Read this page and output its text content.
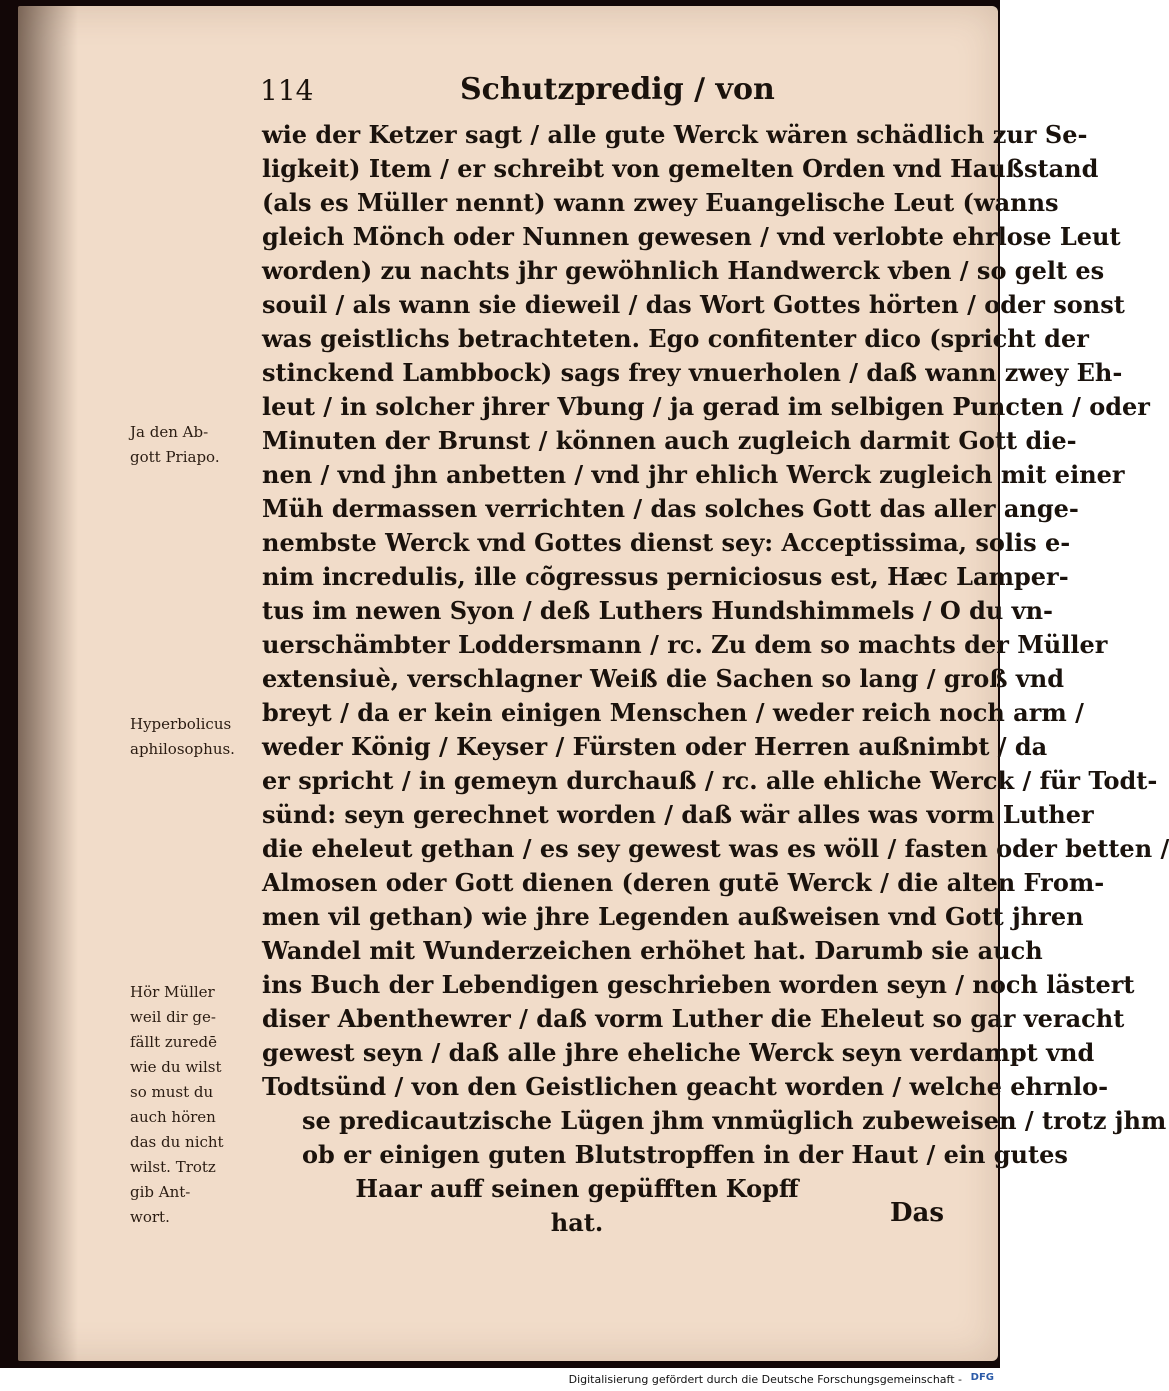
114	Schutzpredig / von
wie der Ketzer sagt / alle gute Werck wären schädlich zur Se-
ligkeit) Item / er schreibt von gemelten Orden vnd Haußstand
(als es Müller nennt) wann zwey Euangelische Leut (wanns
gleich Mönch oder Nunnen gewesen / vnd verlobte ehrlose Leut
worden) zu nachts jhr gewöhnlich Handwerck vben / so gelt es
souil / als wann sie dieweil / das Wort Gottes hörten / oder sonst
was geistlichs betrachteten. Ego confitenter dico (spricht der
stinckend Lambbock) sags frey vnuerholen / daß wann zwey Eh-
leut / in solcher jhrer Vbung / ja gerad im selbigen Puncten / oder
Minuten der Brunst / können auch zugleich darmit Gott die-
nen / vnd jhn anbetten / vnd jhr ehlich Werck zugleich mit einer
Müh dermassen verrichten / das solches Gott das aller ange-
nembste Werck vnd Gottes dienst sey: Acceptissima, solis e-
nim incredulis, ille cõgressus perniciosus est, Hæc Lamper-
tus im newen Syon / deß Luthers Hundshimmels / O du vn-
uerschämbter Loddersmann / rc. Zu dem so machts der Müller
extensiuè, verschlagner Weiß die Sachen so lang / groß vnd
breyt / da er kein einigen Menschen / weder reich noch arm /
weder König / Keyser / Fürsten oder Herren außnimbt / da
er spricht / in gemeyn durchauß / rc. alle ehliche Werck / für Todt-
sünd: seyn gerechnet worden / daß wär alles was vorm Luther
die eheleut gethan / es sey gewest was es wöll / fasten oder betten /
Almosen oder Gott dienen (deren gutē Werck / die alten From-
men vil gethan) wie jhre Legenden außweisen vnd Gott jhren
Wandel mit Wunderzeichen erhöhet hat. Darumb sie auch
ins Buch der Lebendigen geschrieben worden seyn / noch lästert
diser Abenthewrer / daß vorm Luther die Eheleut so gar veracht
gewest seyn / daß alle jhre eheliche Werck seyn verdampt vnd
Todtsünd / von den Geistlichen geacht worden / welche ehrnlo-
se predicautzische Lügen jhm vnmüglich zubeweisen / trotz jhm
ob er einigen guten Blutstropffen in der Haut / ein gutes
Haar auff seinen gepüfften Kopff
hat.
Ja den Ab-
gott Priapo.
Hyperbolicus
aphilosophus.
Hör Müller
weil dir ge-
fällt zuredē
wie du wilst
so must du
auch hören
das du nicht
wilst. Trotz
gib Ant-
wort.	Das
Digitalisierung gefördert durch die Deutsche Forschungsgemeinschaft - DFG
